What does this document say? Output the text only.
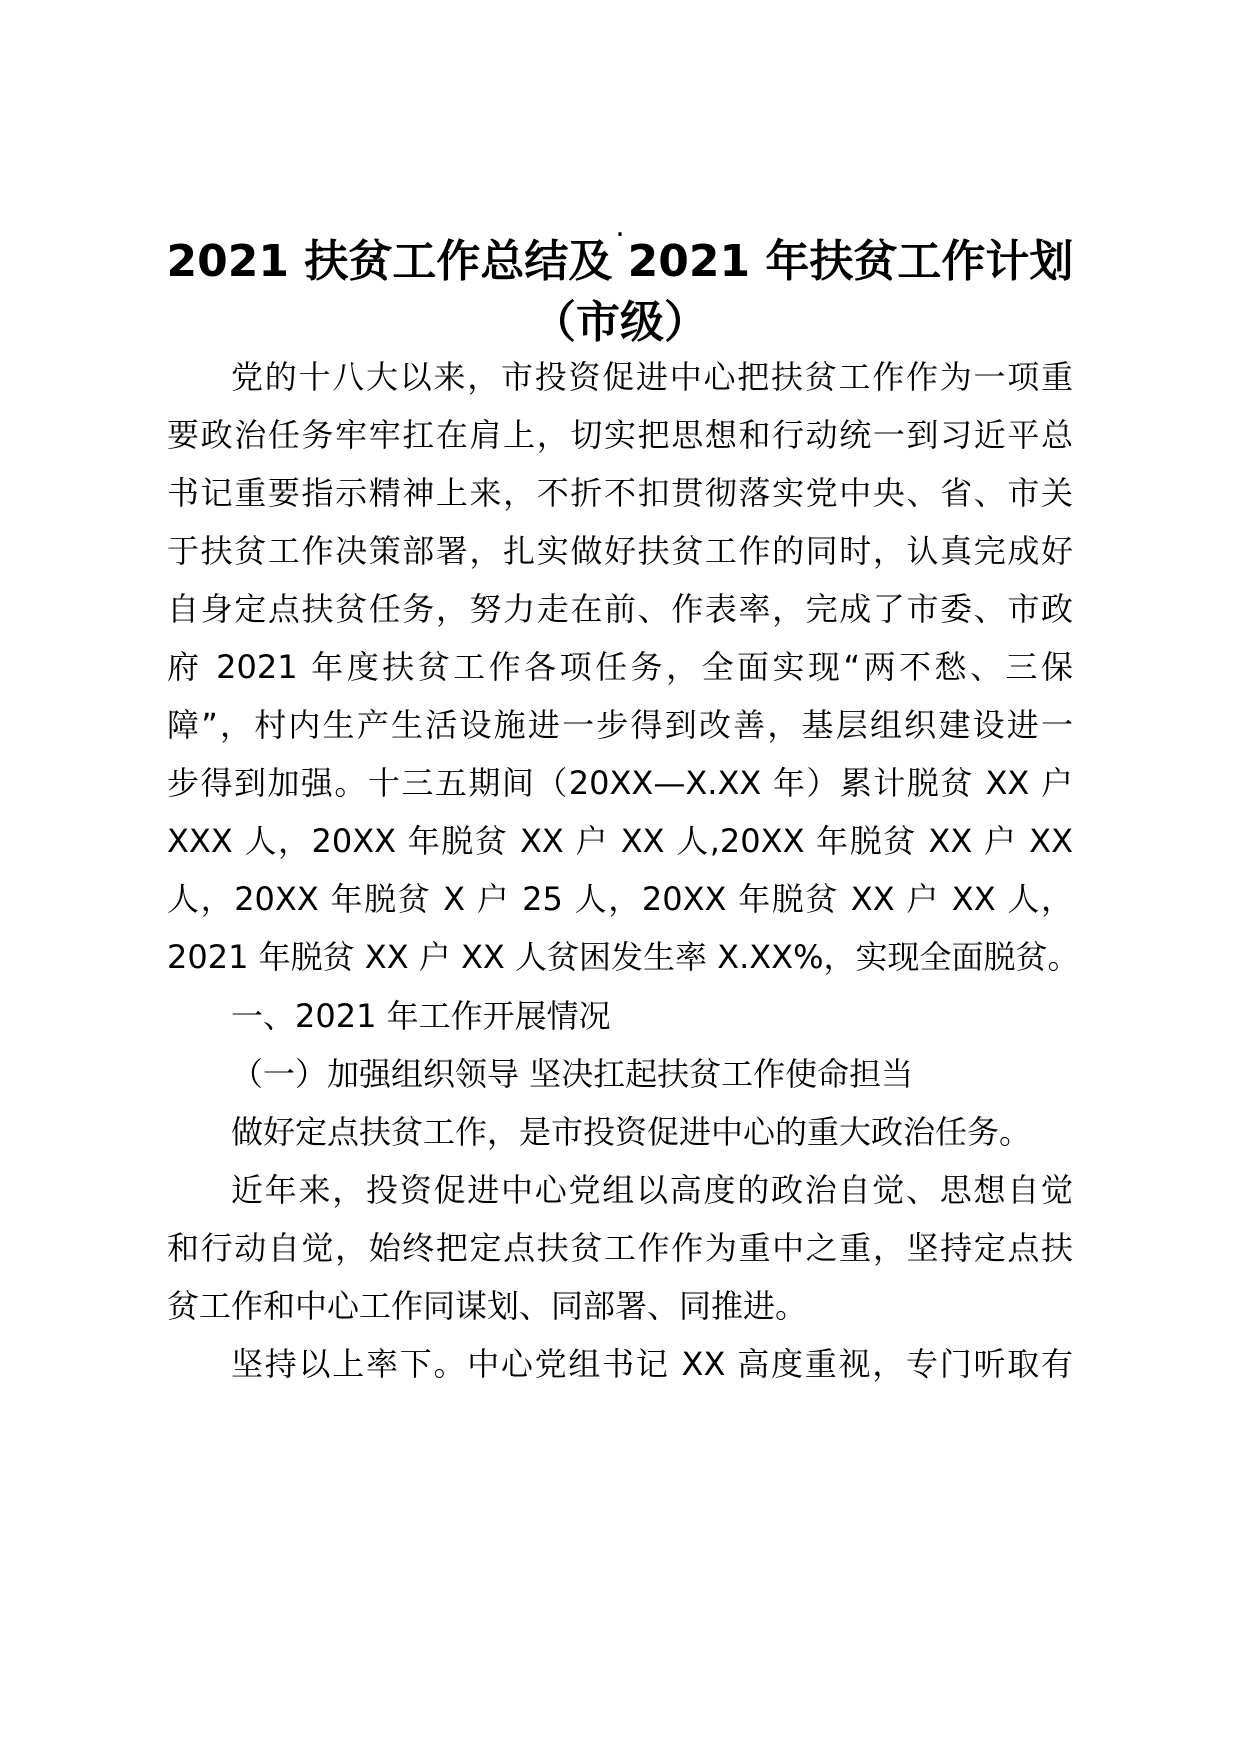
.
2021 扶贫工作总结及 2021 年扶贫工作计划
（市级）
党的十八大以来，市投资促进中心把扶贫工作作为一项重
要政治任务牢牢扛在肩上，切实把思想和行动统一到习近平总
书记重要指示精神上来，不折不扣贯彻落实党中央、省、市关
于扶贫工作决策部署，扎实做好扶贫工作的同时，认真完成好
自身定点扶贫任务，努力走在前、作表率，完成了市委、市政
府 2021 年度扶贫工作各项任务，全面实现“两不愁、三保
障”，村内生产生活设施进一步得到改善，基层组织建设进一
步得到加强。十三五期间（20XX—X.XX 年）累计脱贫 XX 户
XXX 人，20XX 年脱贫 XX 户 XX 人,20XX 年脱贫 XX 户 XX
人，20XX 年脱贫 X 户 25 人，20XX 年脱贫 XX 户 XX 人，
2021 年脱贫 XX 户 XX 人贫困发生率 X.XX%，实现全面脱贫。
一、2021 年工作开展情况
（一）加强组织领导 坚决扛起扶贫工作使命担当
做好定点扶贫工作，是市投资促进中心的重大政治任务。
近年来，投资促进中心党组以高度的政治自觉、思想自觉
和行动自觉，始终把定点扶贫工作作为重中之重，坚持定点扶
贫工作和中心工作同谋划、同部署、同推进。
坚持以上率下。中心党组书记 XX 高度重视，专门听取有
